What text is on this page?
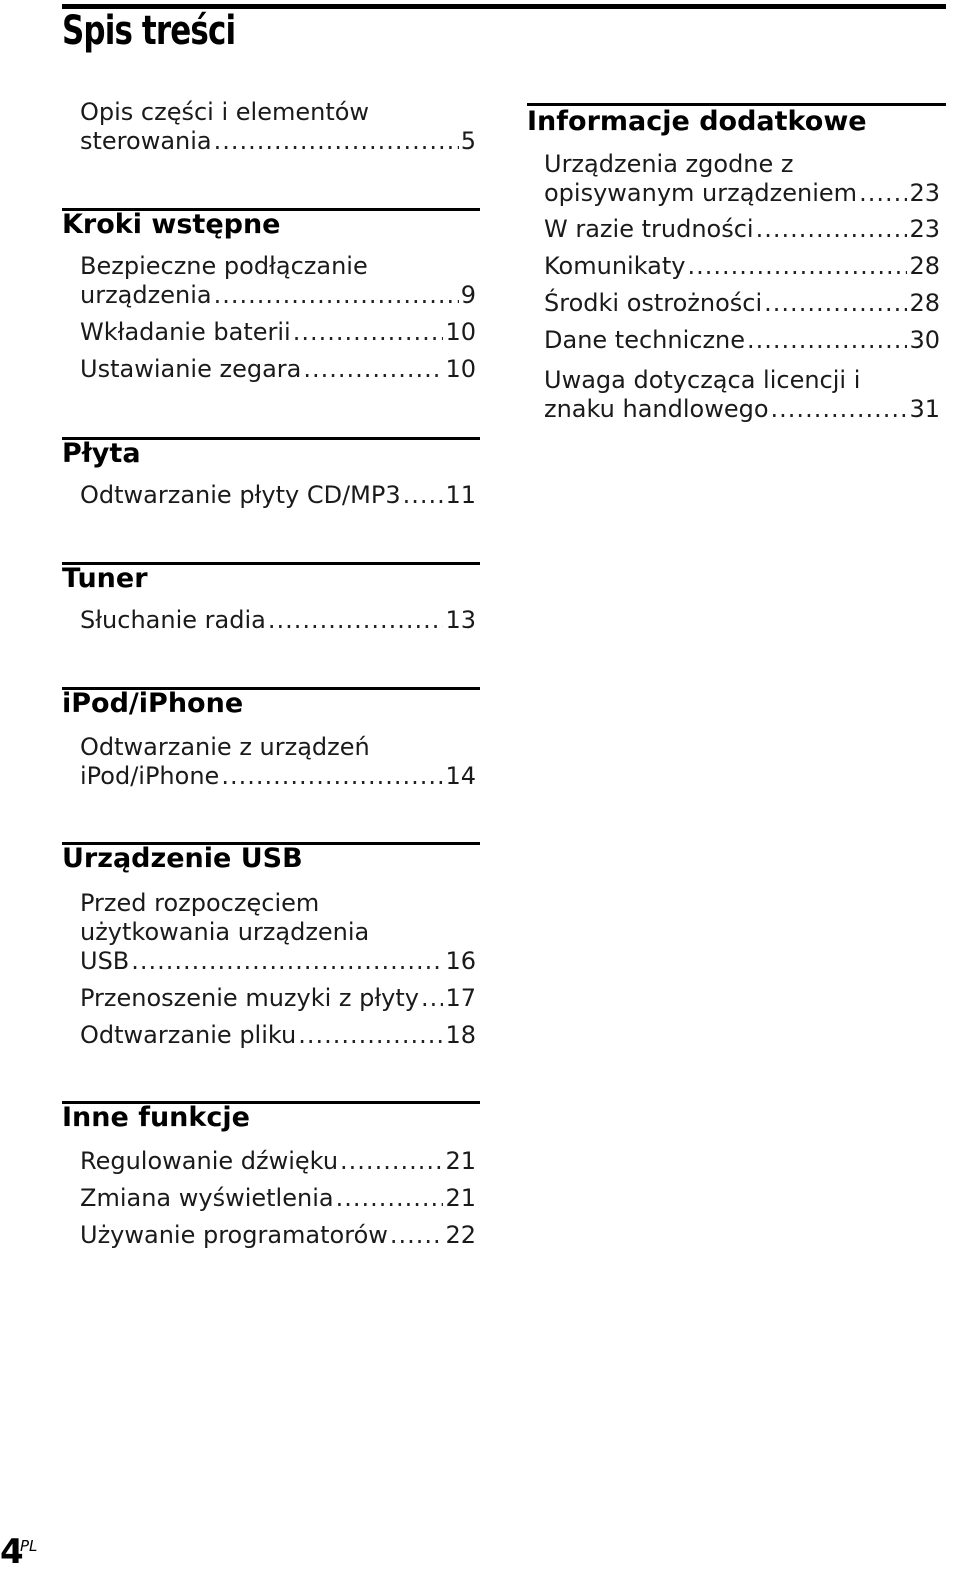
Spis treści
Opis części i elementów
sterowania .....	5
Kroki wstępne
Bezpieczne podłączanie
urządzenia .....	9
Wkładanie baterii .....	10
Ustawianie zegara .....	10
Płyta
Odtwarzanie płyty CD/MP3 ..... 11
Tuner
Słuchanie radia .....	13
iPod/iPhone
Odtwarzanie z urządzeń
iPod/iPhone .....	14
Urządzenie USB
Przed rozpoczęciem
użytkowania urządzenia
USB .....	16
Przenoszenie muzyki z płyty ..... 17
Odtwarzanie pliku .....	18
Inne funkcje
Regulowanie dźwięku .....	21
Zmiana wyświetlenia .....	21
Używanie programatorów ..... 22
Informacje dodatkowe
Urządzenia zgodne z
opisywanym urządzeniem ..... 23
W razie trudności .....	23
Komunikaty .....	28
Środki ostrożności .....	28
Dane techniczne .....	30
Uwaga dotycząca licencji i
znaku handlowego .....	31
4
PL
